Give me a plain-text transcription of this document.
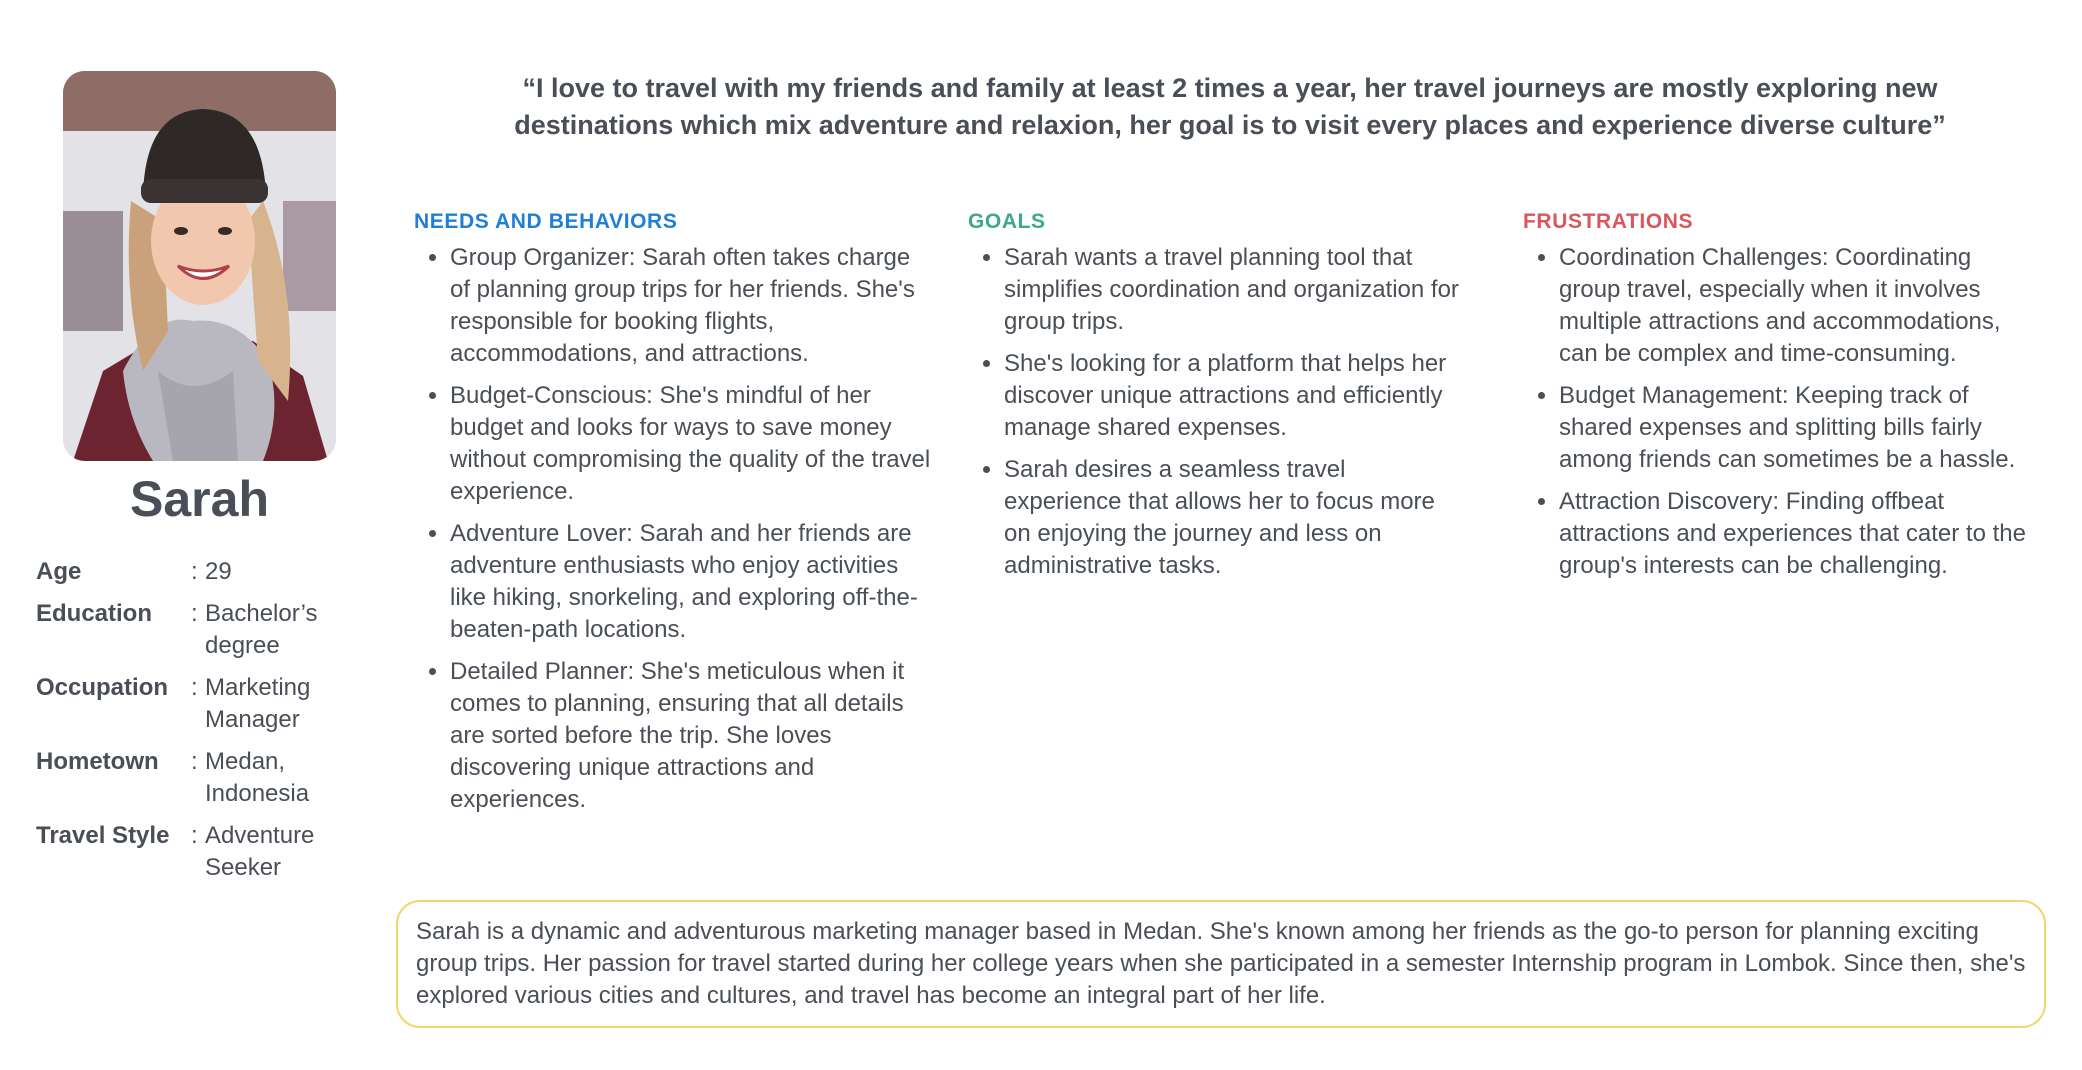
Sarah
Age	: 29
Education	: Bachelor’s degree
Occupation : Marketing Manager
Hometown	: Medan, Indonesia
Travel Style : Adventure Seeker
“I love to travel with my friends and family at least 2 times a year, her travel journeys are mostly exploring new destinations which mix adventure and relaxion, her goal is to visit every places and experience diverse culture”
NEEDS AND BEHAVIORS
• Group Organizer: Sarah often takes charge of planning group trips for her friends. She's responsible for booking flights, accommodations, and attractions.
• Budget-Conscious: She's mindful of her budget and looks for ways to save money without compromising the quality of the travel experience.
• Adventure Lover: Sarah and her friends are adventure enthusiasts who enjoy activities like hiking, snorkeling, and exploring off-the-beaten-path locations.
• Detailed Planner: She's meticulous when it comes to planning, ensuring that all details are sorted before the trip. She loves discovering unique attractions and experiences.
GOALS
• Sarah wants a travel planning tool that simplifies coordination and organization for group trips.
• She's looking for a platform that helps her discover unique attractions and efficiently manage shared expenses.
• Sarah desires a seamless travel experience that allows her to focus more on enjoying the journey and less on administrative tasks.
FRUSTRATIONS
• Coordination Challenges: Coordinating group travel, especially when it involves multiple attractions and accommodations, can be complex and time-consuming.
• Budget Management: Keeping track of shared expenses and splitting bills fairly among friends can sometimes be a hassle.
• Attraction Discovery: Finding offbeat attractions and experiences that cater to the group's interests can be challenging.
Sarah is a dynamic and adventurous marketing manager based in Medan. She's known among her friends as the go-to person for planning exciting group trips. Her passion for travel started during her college years when she participated in a semester Internship program in Lombok. Since then, she's explored various cities and cultures, and travel has become an integral part of her life.
